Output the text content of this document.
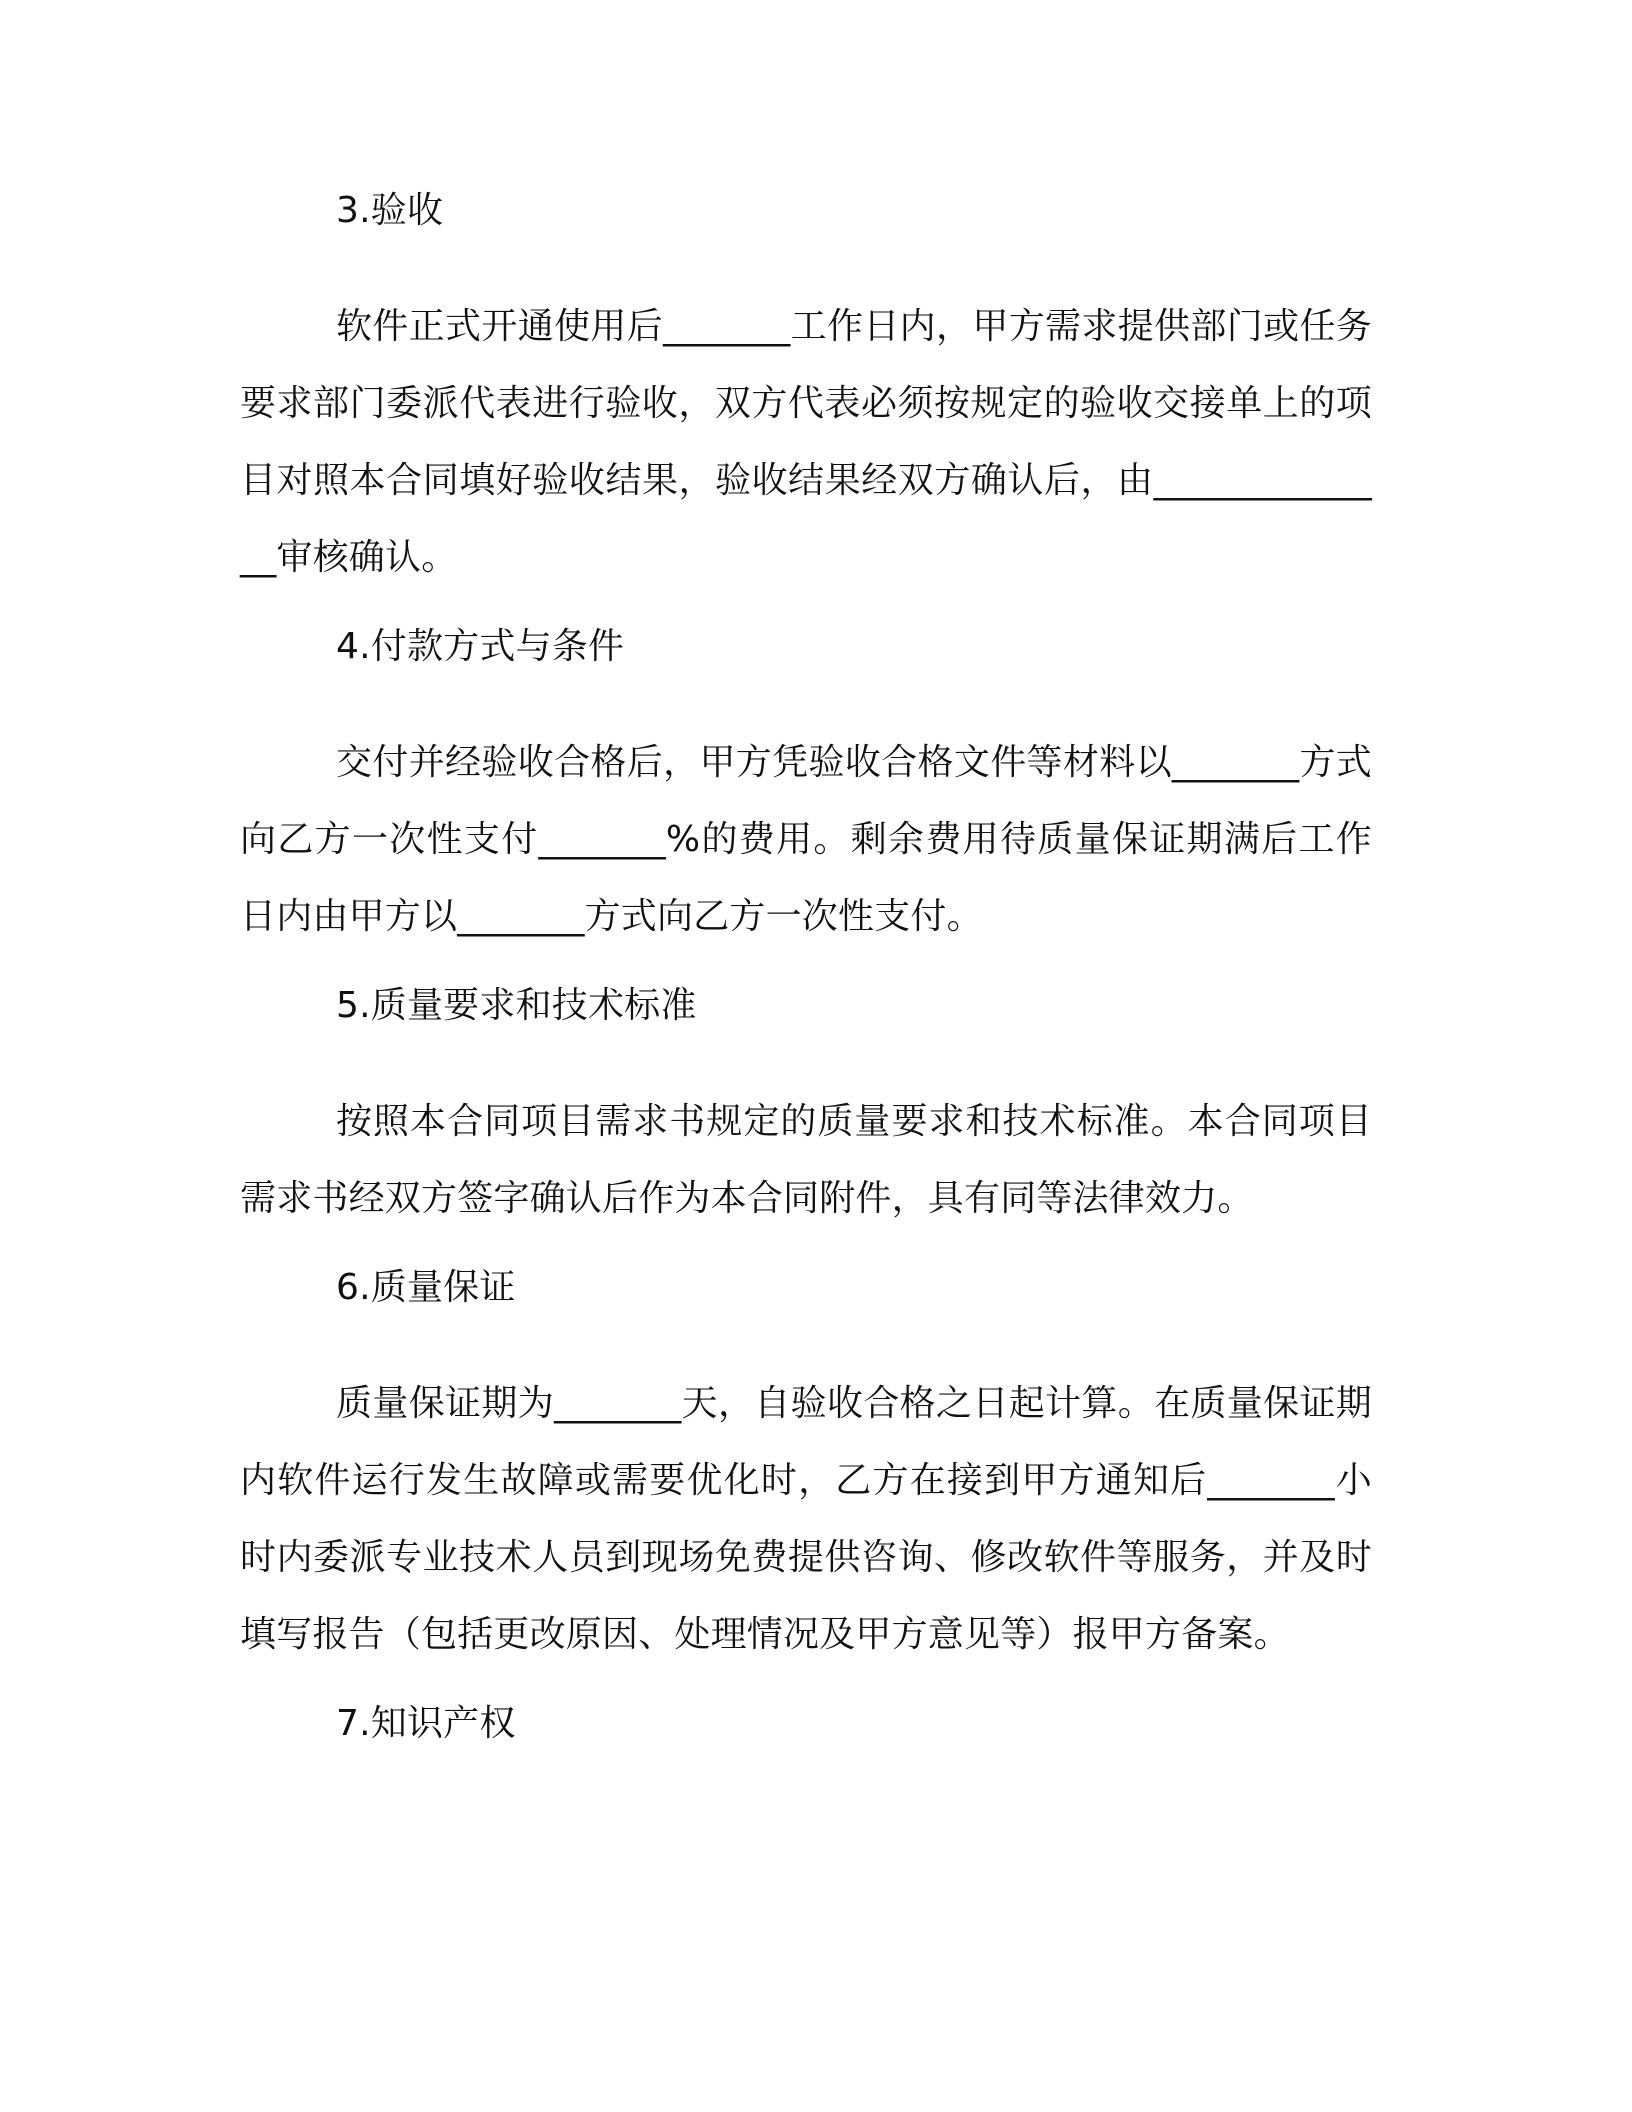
3.验收
软件正式开通使用后_______工作日内，甲方需求提供部门或任务要求部门委派代表进行验收，双方代表必须按规定的验收交接单上的项目对照本合同填好验收结果，验收结果经双方确认后，由______________审核确认。
4.付款方式与条件
交付并经验收合格后，甲方凭验收合格文件等材料以_______方式向乙方一次性支付_______%的费用。剩余费用待质量保证期满后工作日内由甲方以_______方式向乙方一次性支付。
5.质量要求和技术标准
按照本合同项目需求书规定的质量要求和技术标准。本合同项目需求书经双方签字确认后作为本合同附件，具有同等法律效力。
6.质量保证
质量保证期为_______天，自验收合格之日起计算。在质量保证期内软件运行发生故障或需要优化时，乙方在接到甲方通知后_______小时内委派专业技术人员到现场免费提供咨询、修改软件等服务，并及时填写报告（包括更改原因、处理情况及甲方意见等）报甲方备案。
7.知识产权
